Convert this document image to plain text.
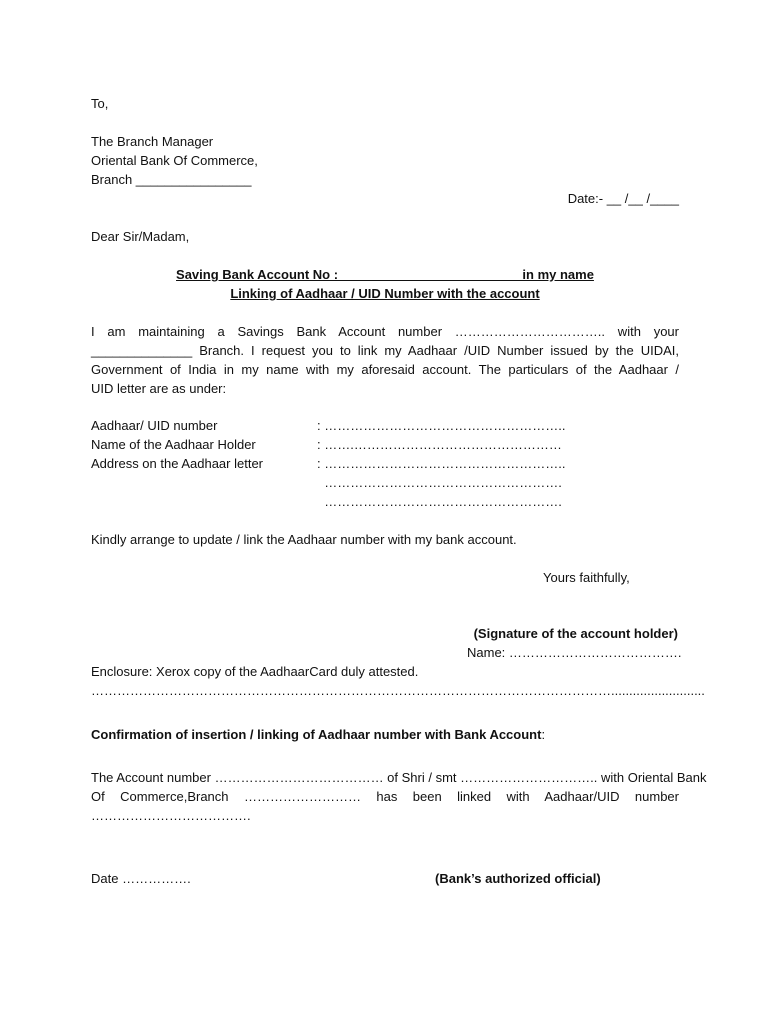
To,
The Branch Manager
Oriental Bank Of Commerce,
Branch ________________
Date:- __ /__ /____
Dear Sir/Madam,
Saving Bank Account No :  ________________________ in my name
Linking of Aadhaar / UID Number with the account
I am maintaining a Savings Bank Account number …………………………….. with your
______________ Branch. I request you to link my Aadhaar /UID Number issued by the UIDAI,
Government of India in my name with my aforesaid account. The particulars of the Aadhaar /
UID letter are as under:
Aadhaar/ UID number	: ………………………………………………..
Name of the Aadhaar Holder	: …….…………………………………………
Address on the Aadhaar letter	: ………………………………………………..
……………………………………………….
……………………………………………….
Kindly arrange to update / link the Aadhaar number with my bank account.
Yours faithfully,
(Signature of the account holder)
Name: ………………………………….
Enclosure: Xerox copy of the AadhaarCard duly attested.
…………………………………………………………………………………………………………..........................
Confirmation of insertion / linking of Aadhaar number with Bank Account:
The Account number ………………………………… of Shri / smt ………………………….. with Oriental Bank
Of Commerce,Branch ……………………… has been linked with Aadhaar/UID number
……………………………….
Date …………….	(Bank’s authorized official)
